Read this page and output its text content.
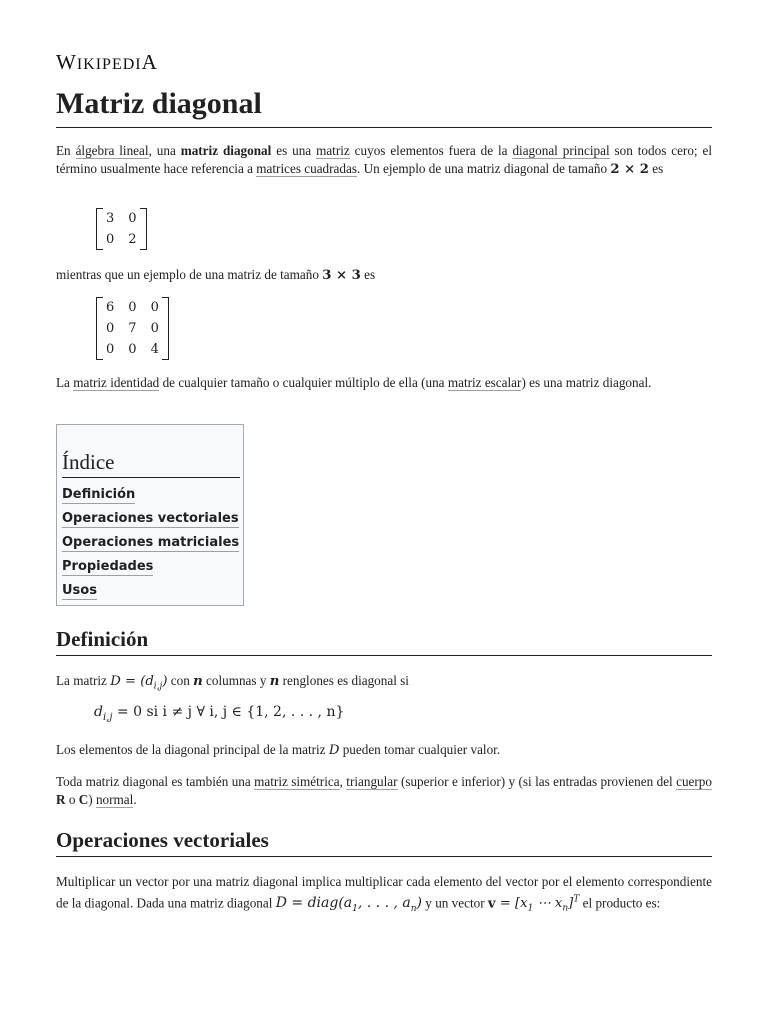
WIKIPEDIA
Matriz diagonal
En álgebra lineal, una matriz diagonal es una matriz cuyos elementos fuera de la diagonal principal son todos cero; el término usualmente hace referencia a matrices cuadradas. Un ejemplo de una matriz diagonal de tamaño 2 × 2 es
3 0
0 2
mientras que un ejemplo de una matriz de tamaño 3 × 3 es
6 0 0
0 7 0
0 0 4
La matriz identidad de cualquier tamaño o cualquier múltiplo de ella (una matriz escalar) es una matriz diagonal.
Índice
Definición
Operaciones vectoriales
Operaciones matriciales
Propiedades
Usos
Definición
La matriz $D = (d_{i,j})$ con n columnas y n renglones es diagonal si
$d_{i,j} = 0$ si i ≠ j ∀ i, j ∈ {1, 2, . . . , n}
Los elementos de la diagonal principal de la matriz D pueden tomar cualquier valor.
Toda matriz diagonal es también una matriz simétrica, triangular (superior e inferior) y (si las entradas provienen del cuerpo R o C) normal.
Operaciones vectoriales
Multiplicar un vector por una matriz diagonal implica multiplicar cada elemento del vector por el elemento correspondiente de la diagonal. Dada una matriz diagonal $D = diag(a_1$, . . . , $a_n$) y un vector $v = [x_1$ ⋯ $x_n]^T$ el producto es:
